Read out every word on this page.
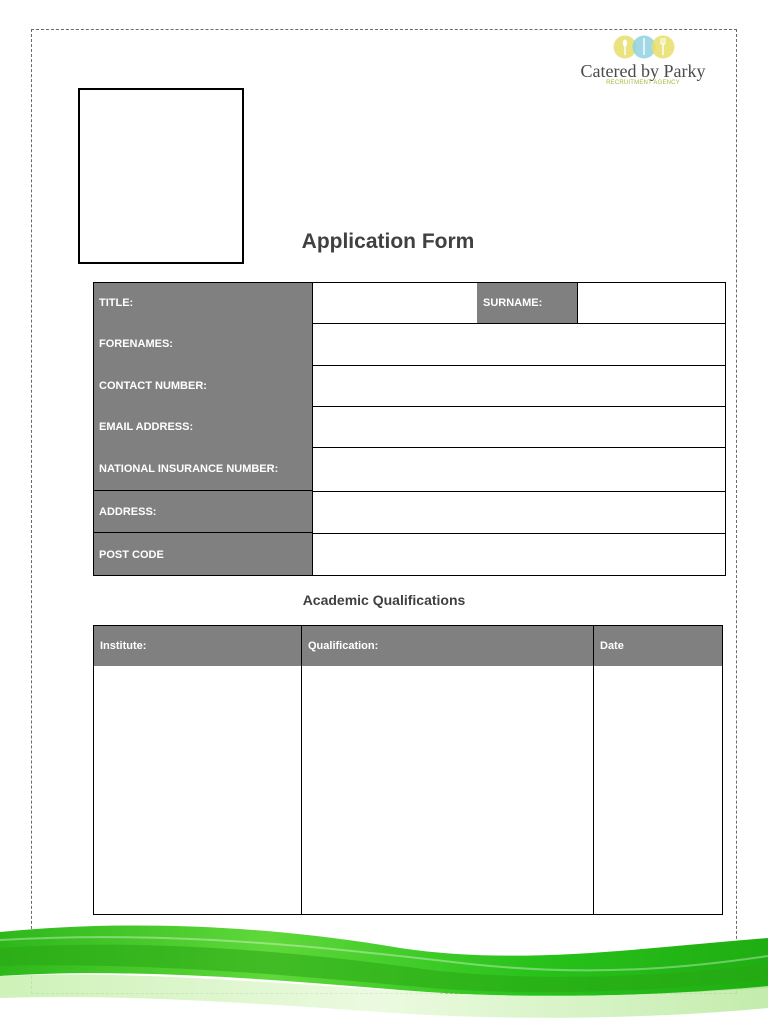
Catered by Parky
RECRUITMENT AGENCY
Application Form
TITLE:	SURNAME:
FORENAMES:
CONTACT NUMBER:
EMAIL ADDRESS:
NATIONAL INSURANCE NUMBER:
ADDRESS:
POST CODE
Academic Qualifications
Institute:	Qualification:	Date
